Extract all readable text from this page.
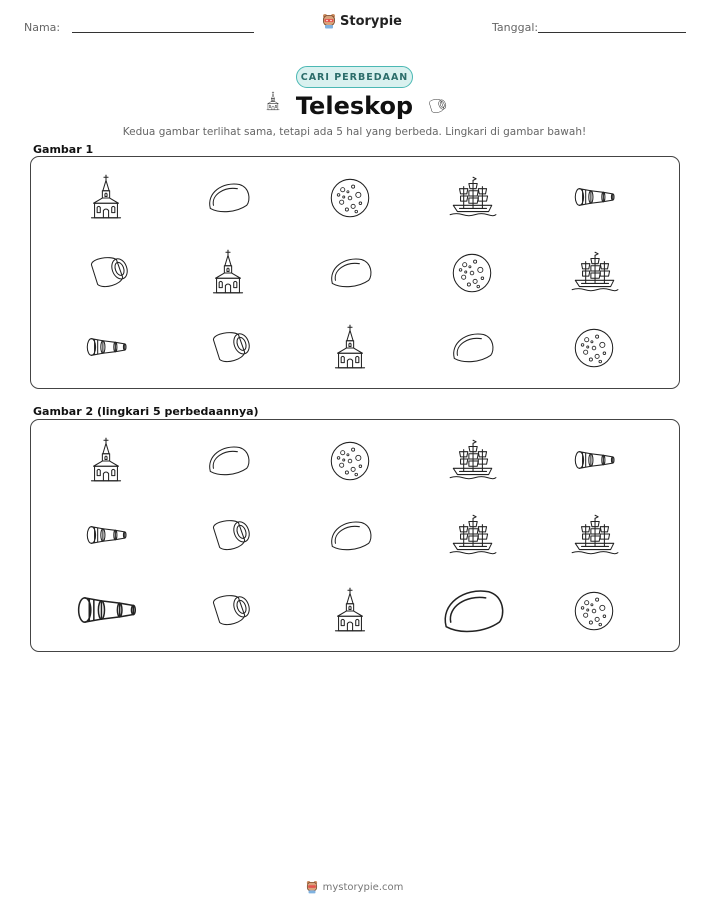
Nama:	Storypie	Tanggal:
CARI PERBEDAAN
Teleskop
Kedua gambar terlihat sama, tetapi ada 5 hal yang berbeda. Lingkari di gambar bawah!
Gambar 1
Gambar 2 (lingkari 5 perbedaannya)
mystorypie.com
